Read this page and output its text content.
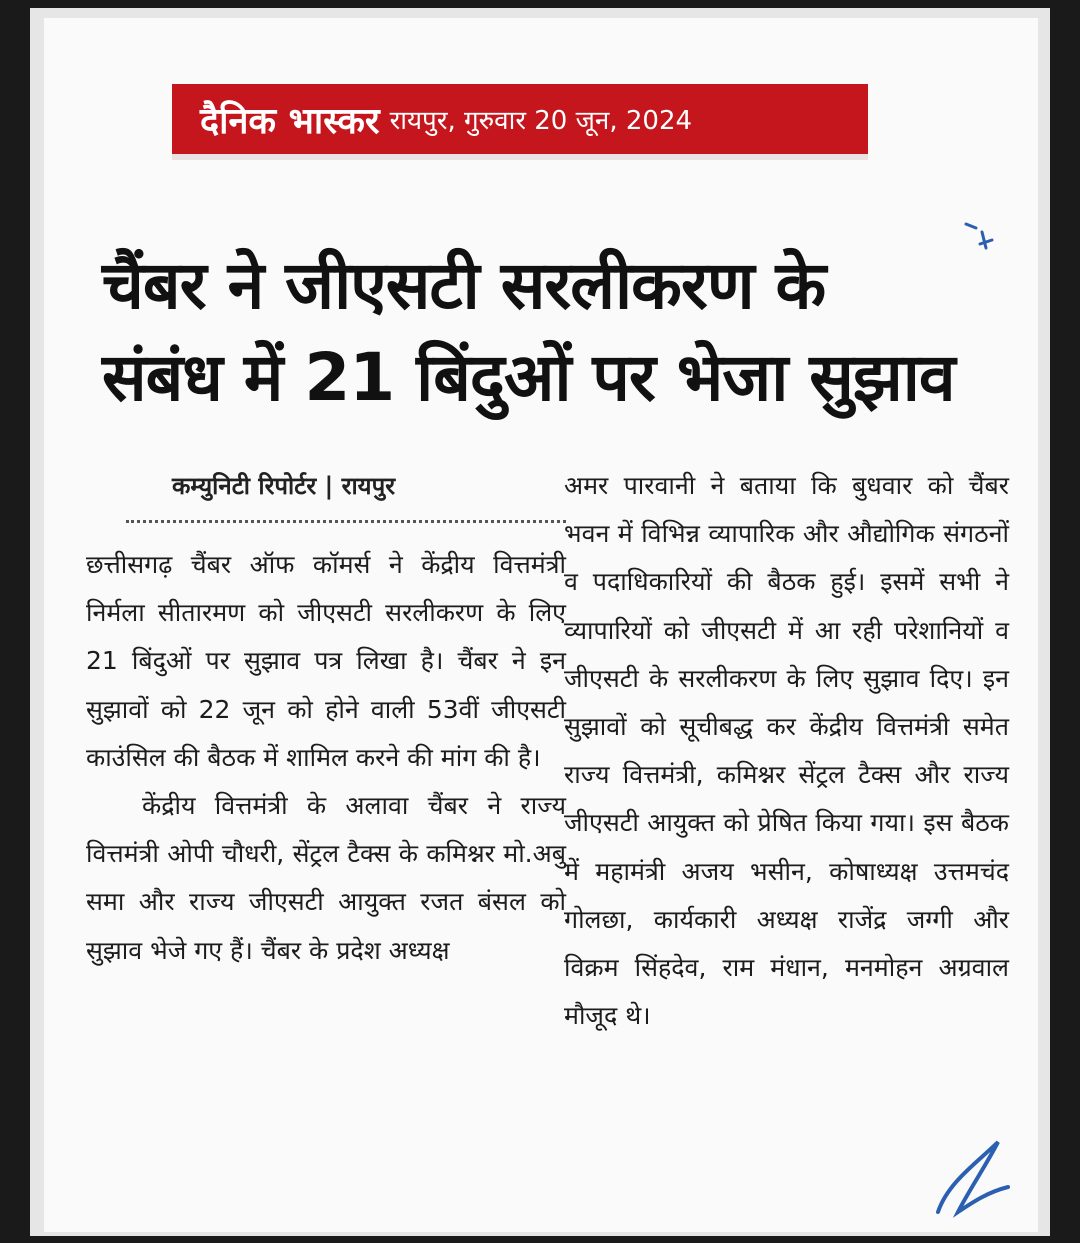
दैनिक भास्कर रायपुर, गुरुवार 20 जून, 2024
चैंबर ने जीएसटी सरलीकरण के
संबंध में 21 बिंदुओं पर भेजा सुझाव
कम्युनिटी रिपोर्टर | रायपुर

छत्तीसगढ़ चैंबर ऑफ कॉमर्स ने केंद्रीय वित्तमंत्री निर्मला सीतारमण को जीएसटी सरलीकरण के लिए 21 बिंदुओं पर सुझाव पत्र लिखा है। चैंबर ने इन सुझावों को 22 जून को होने वाली 53वीं जीएसटी काउंसिल की बैठक में शामिल करने की मांग की है।

केंद्रीय वित्तमंत्री के अलावा चैंबर ने राज्य वित्तमंत्री ओपी चौधरी, सेंट्रल टैक्स के कमिश्नर मो.अबु समा और राज्य जीएसटी आयुक्त रजत बंसल को सुझाव भेजे गए हैं। चैंबर के प्रदेश अध्यक्ष

अमर पारवानी ने बताया कि बुधवार को चैंबर भवन में विभिन्न व्यापारिक और औद्योगिक संगठनों व पदाधिकारियों की बैठक हुई। इसमें सभी ने व्यापारियों को जीएसटी में आ रही परेशानियों व जीएसटी के सरलीकरण के लिए सुझाव दिए। इन सुझावों को सूचीबद्ध कर केंद्रीय वित्तमंत्री समेत राज्य वित्तमंत्री, कमिश्नर सेंट्रल टैक्स और राज्य जीएसटी आयुक्त को प्रेषित किया गया। इस बैठक में महामंत्री अजय भसीन, कोषाध्यक्ष उत्तमचंद गोलछा, कार्यकारी अध्यक्ष राजेंद्र जग्गी और विक्रम सिंहदेव, राम मंधान, मनमोहन अग्रवाल मौजूद थे।
